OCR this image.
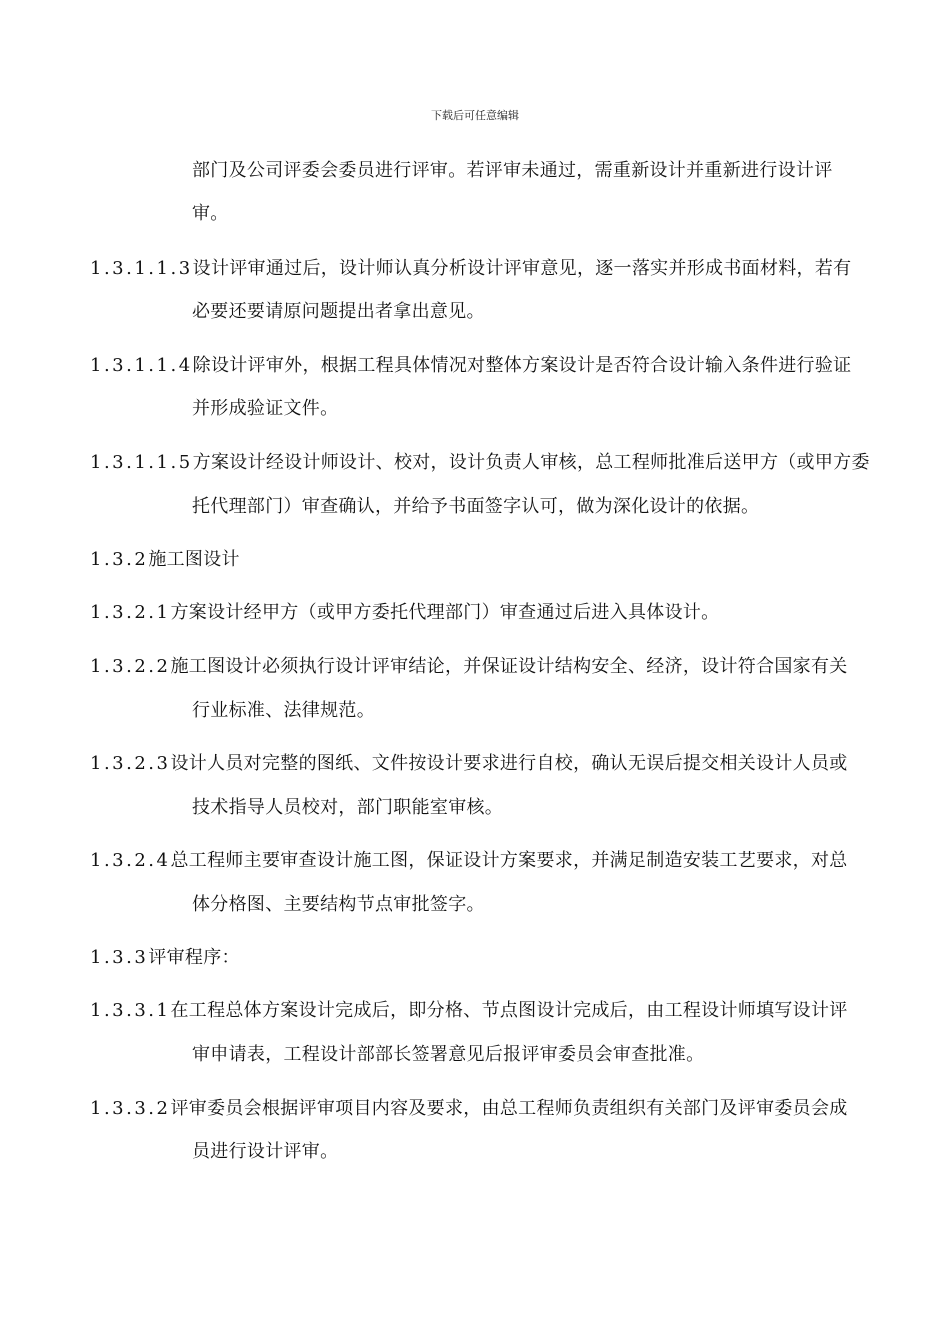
下载后可任意编辑
部门及公司评委会委员进行评审。若评审未通过，需重新设计并重新进行设计评
审。
1.3.1.1.3设计评审通过后，设计师认真分析设计评审意见，逐一落实并形成书面材料，若有
必要还要请原问题提出者拿出意见。
1.3.1.1.4除设计评审外，根据工程具体情况对整体方案设计是否符合设计输入条件进行验证
并形成验证文件。
1.3.1.1.5方案设计经设计师设计、校对，设计负责人审核，总工程师批准后送甲方（或甲方委
托代理部门）审查确认，并给予书面签字认可，做为深化设计的依据。
1.3.2施工图设计
1.3.2.1方案设计经甲方（或甲方委托代理部门）审查通过后进入具体设计。
1.3.2.2施工图设计必须执行设计评审结论，并保证设计结构安全、经济，设计符合国家有关
行业标准、法律规范。
1.3.2.3设计人员对完整的图纸、文件按设计要求进行自校，确认无误后提交相关设计人员或
技术指导人员校对，部门职能室审核。
1.3.2.4总工程师主要审查设计施工图，保证设计方案要求，并满足制造安装工艺要求，对总
体分格图、主要结构节点审批签字。
1.3.3评审程序：
1.3.3.1在工程总体方案设计完成后，即分格、节点图设计完成后，由工程设计师填写设计评
审申请表，工程设计部部长签署意见后报评审委员会审查批准。
1.3.3.2评审委员会根据评审项目内容及要求，由总工程师负责组织有关部门及评审委员会成
员进行设计评审。
